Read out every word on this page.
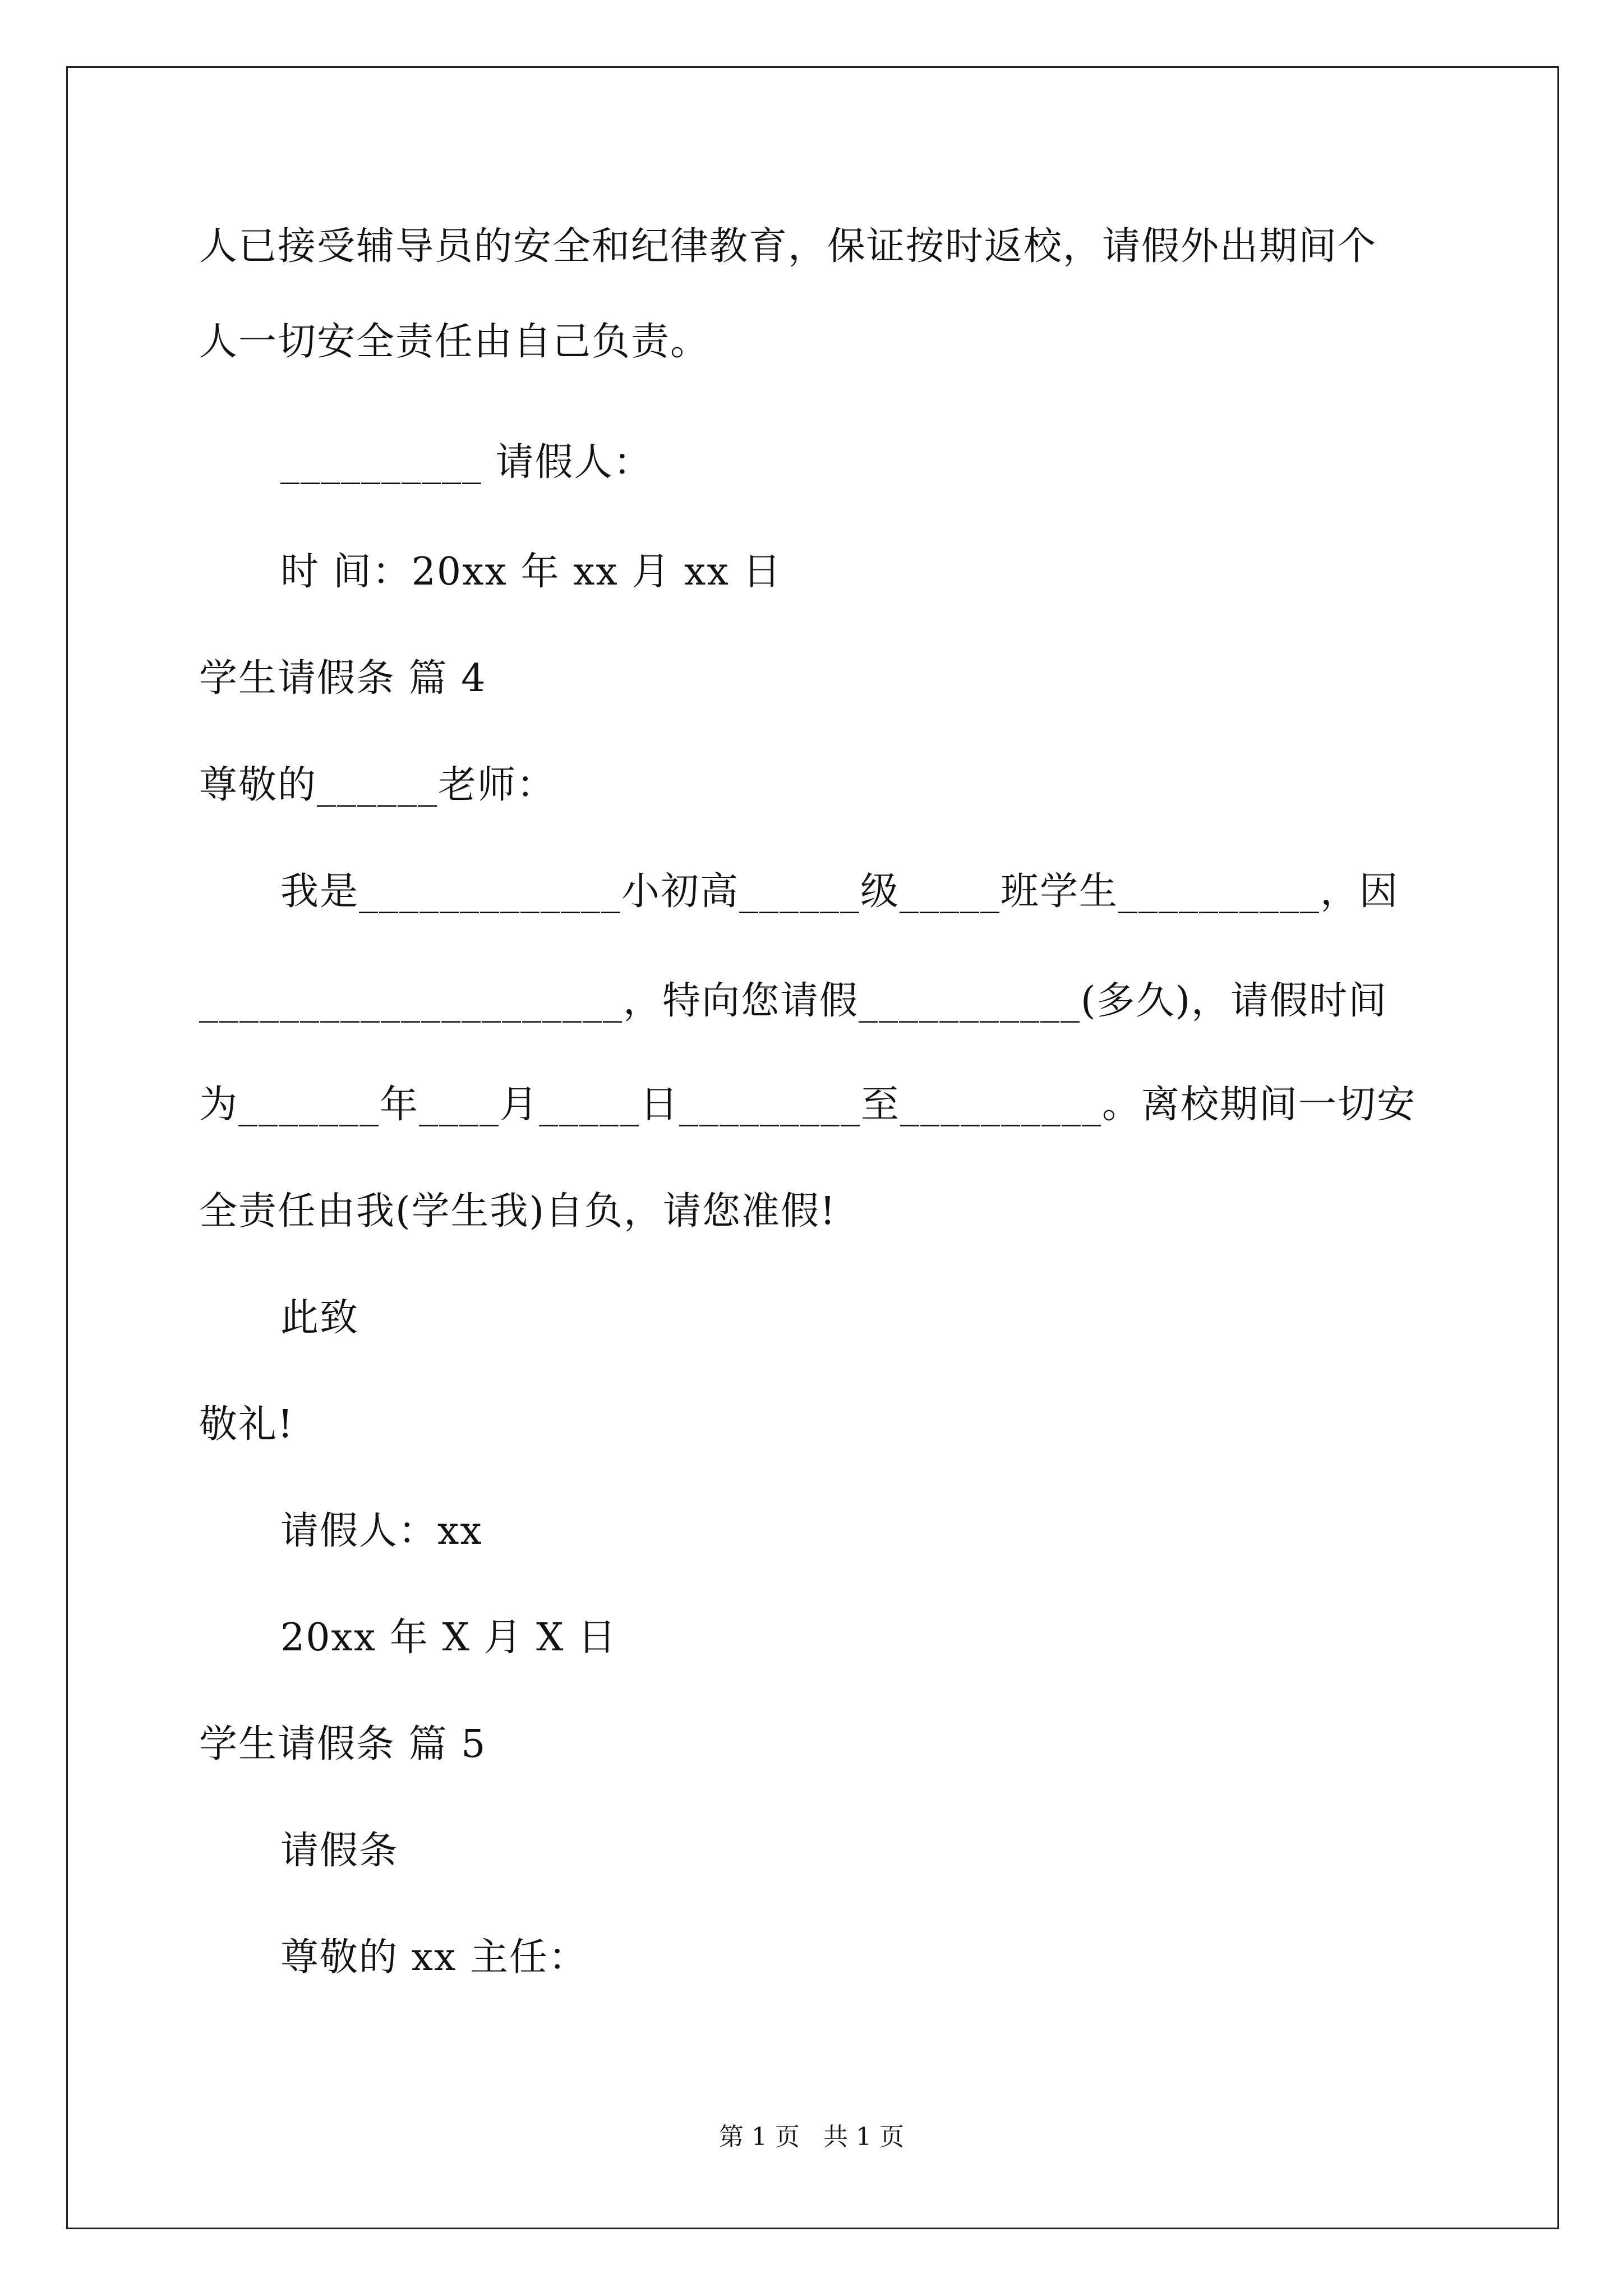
人已接受辅导员的安全和纪律教育，保证按时返校，请假外出期间个
人一切安全责任由自己负责。
__________ 请假人：
时 间：20xx 年 xx 月 xx 日
学生请假条 篇 4
尊敬的______老师：
我是_____________小初高______级_____班学生__________，因
_____________________，特向您请假___________(多久)，请假时间
为_______年____月_____日_________至__________。离校期间一切安
全责任由我(学生我)自负，请您准假!
此致
敬礼!
请假人：xx
20xx 年 X 月 X 日
学生请假条 篇 5
请假条
尊敬的 xx 主任：
第 1 页   共 1 页
